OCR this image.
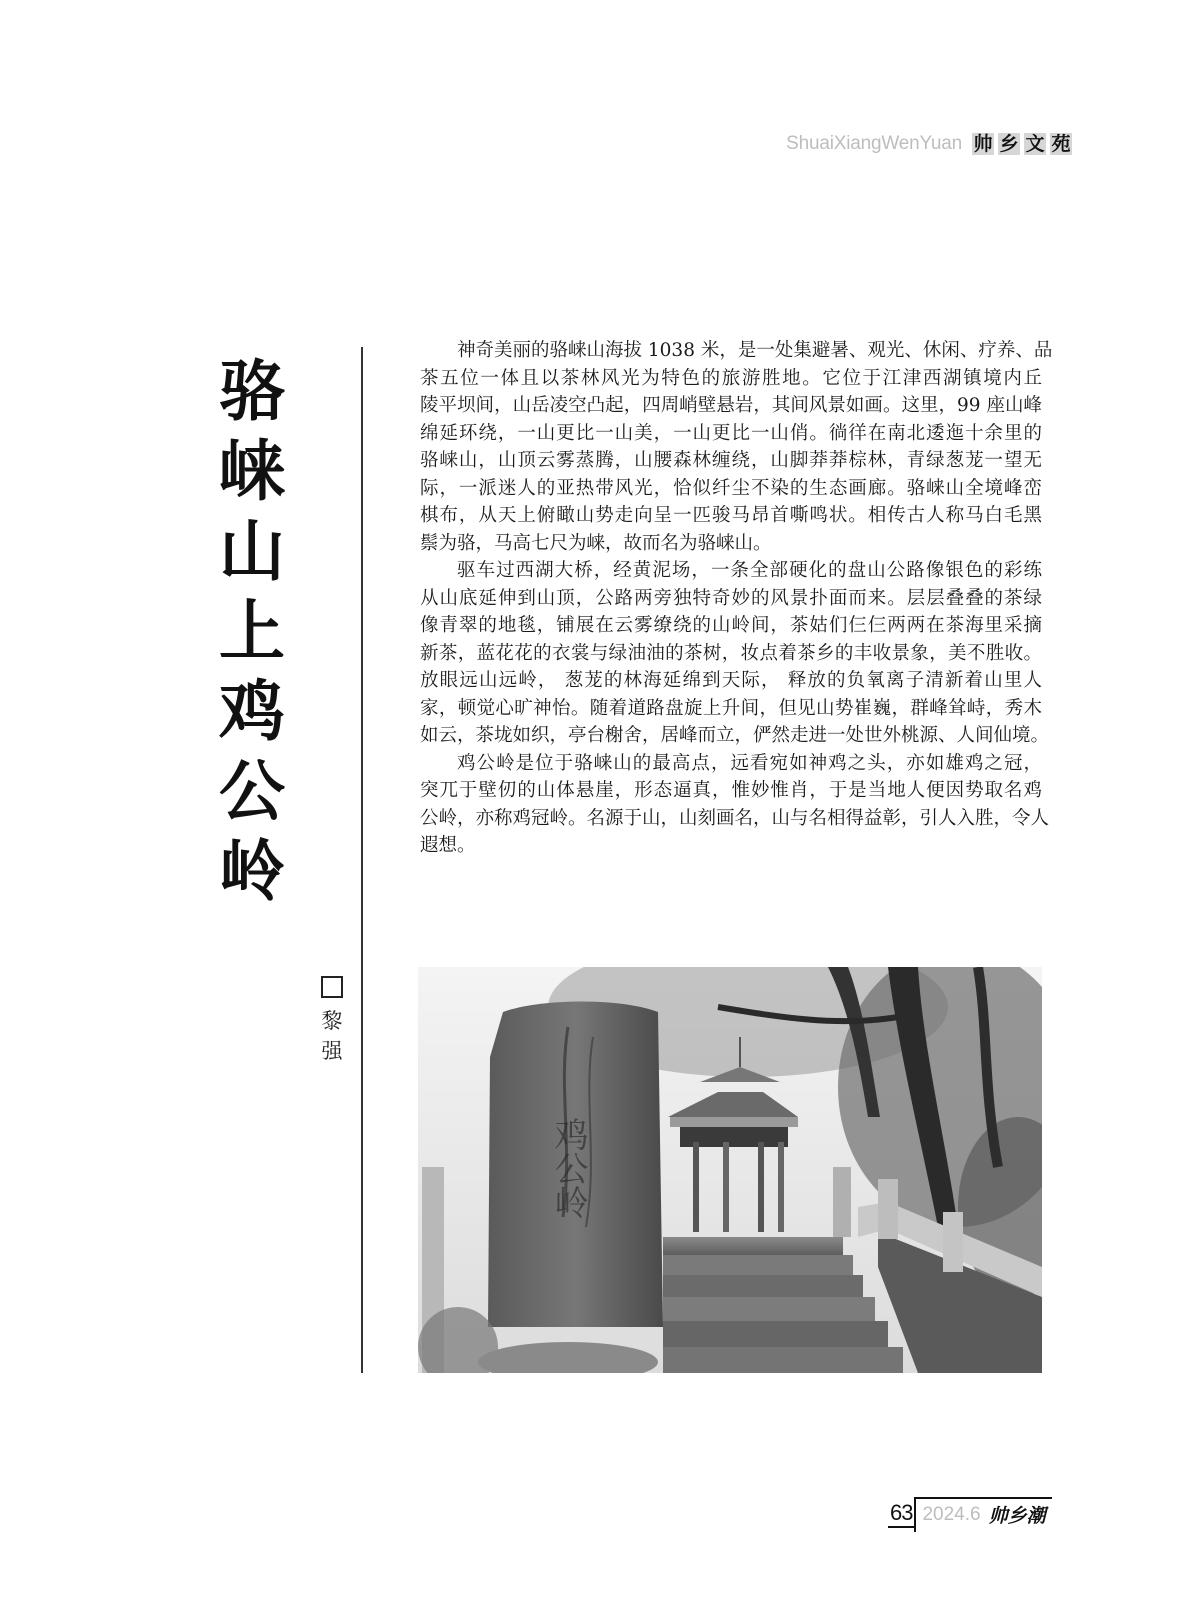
ShuaiXiangWenYuan 帅 乡 文 苑
骆
崃
山
上
鸡
公
岭
黎
强
神奇美丽的骆崃山海拔 1038 米，是一处集避暑、观光、休闲、疗养、品
茶五位一体且以茶林风光为特色的旅游胜地。它位于江津西湖镇境内丘
陵平坝间，山岳凌空凸起，四周峭壁悬岩，其间风景如画。这里，99 座山峰
绵延环绕，一山更比一山美，一山更比一山俏。徜徉在南北逶迤十余里的
骆崃山，山顶云雾蒸腾，山腰森林缠绕，山脚莽莽棕林，青绿葱茏一望无
际，一派迷人的亚热带风光，恰似纤尘不染的生态画廊。骆崃山全境峰峦
棋布，从天上俯瞰山势走向呈一匹骏马昂首嘶鸣状。相传古人称马白毛黑
鬃为骆，马高七尺为崃，故而名为骆崃山。
驱车过西湖大桥，经黄泥场，一条全部硬化的盘山公路像银色的彩练
从山底延伸到山顶，公路两旁独特奇妙的风景扑面而来。层层叠叠的茶绿
像青翠的地毯，铺展在云雾缭绕的山岭间，茶姑们仨仨两两在茶海里采摘
新茶，蓝花花的衣裳与绿油油的茶树，妆点着茶乡的丰收景象，美不胜收。
放眼远山远岭， 葱茏的林海延绵到天际， 释放的负氧离子清新着山里人
家，顿觉心旷神怡。随着道路盘旋上升间，但见山势崔巍，群峰耸峙，秀木
如云，茶垅如织，亭台榭舍，居峰而立，俨然走进一处世外桃源、人间仙境。
鸡公岭是位于骆崃山的最高点，远看宛如神鸡之头，亦如雄鸡之冠，
突兀于壁仞的山体悬崖，形态逼真，惟妙惟肖，于是当地人便因势取名鸡
公岭，亦称鸡冠岭。名源于山，山刻画名，山与名相得益彰，引人入胜，令人
遐想。
鸡公岭
63 2024.6 帅乡潮
